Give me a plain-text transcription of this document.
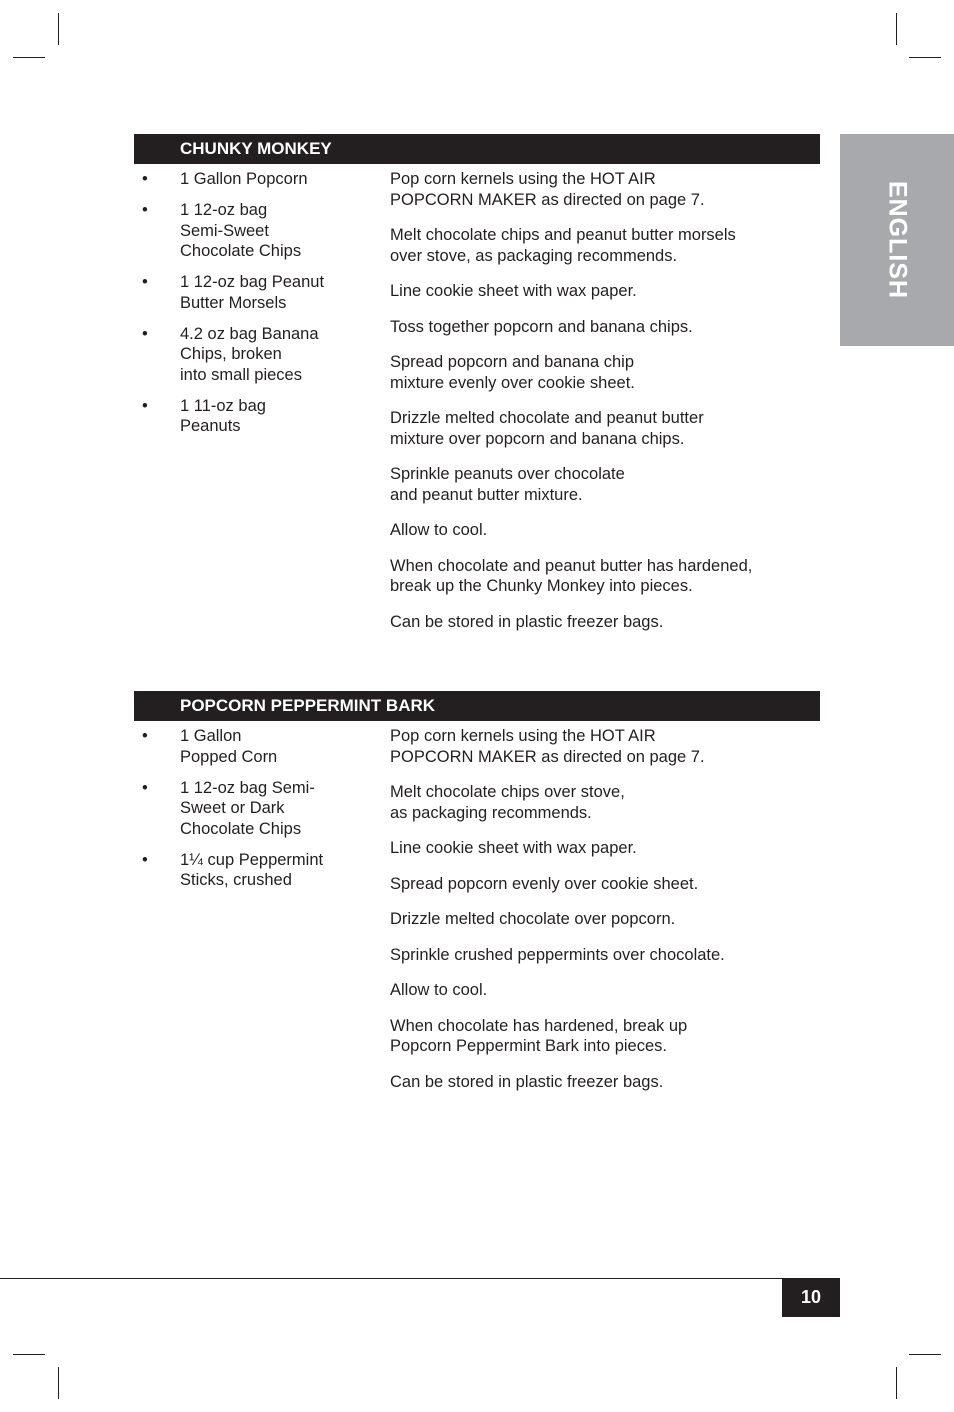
ENGLISH
CHUNKY MONKEY
• 1 Gallon Popcorn
• 1 12-oz bag
Semi-Sweet
Chocolate Chips
• 1 12-oz bag Peanut
Butter Morsels
• 4.2 oz bag Banana
Chips, broken
into small pieces
• 1 11-oz bag
Peanuts

Pop corn kernels using the HOT AIR
POPCORN MAKER as directed on page 7.

Melt chocolate chips and peanut butter morsels
over stove, as packaging recommends.

Line cookie sheet with wax paper.

Toss together popcorn and banana chips.

Spread popcorn and banana chip
mixture evenly over cookie sheet.

Drizzle melted chocolate and peanut butter
mixture over popcorn and banana chips.

Sprinkle peanuts over chocolate
and peanut butter mixture.

Allow to cool.

When chocolate and peanut butter has hardened,
break up the Chunky Monkey into pieces.

Can be stored in plastic freezer bags.

POPCORN PEPPERMINT BARK
• 1 Gallon
Popped Corn
• 1 12-oz bag Semi-
Sweet or Dark
Chocolate Chips
• 1¼ cup Peppermint
Sticks, crushed

Pop corn kernels using the HOT AIR
POPCORN MAKER as directed on page 7.

Melt chocolate chips over stove,
as packaging recommends.

Line cookie sheet with wax paper.

Spread popcorn evenly over cookie sheet.

Drizzle melted chocolate over popcorn.

Sprinkle crushed peppermints over chocolate.

Allow to cool.

When chocolate has hardened, break up
Popcorn Peppermint Bark into pieces.

Can be stored in plastic freezer bags.

10
